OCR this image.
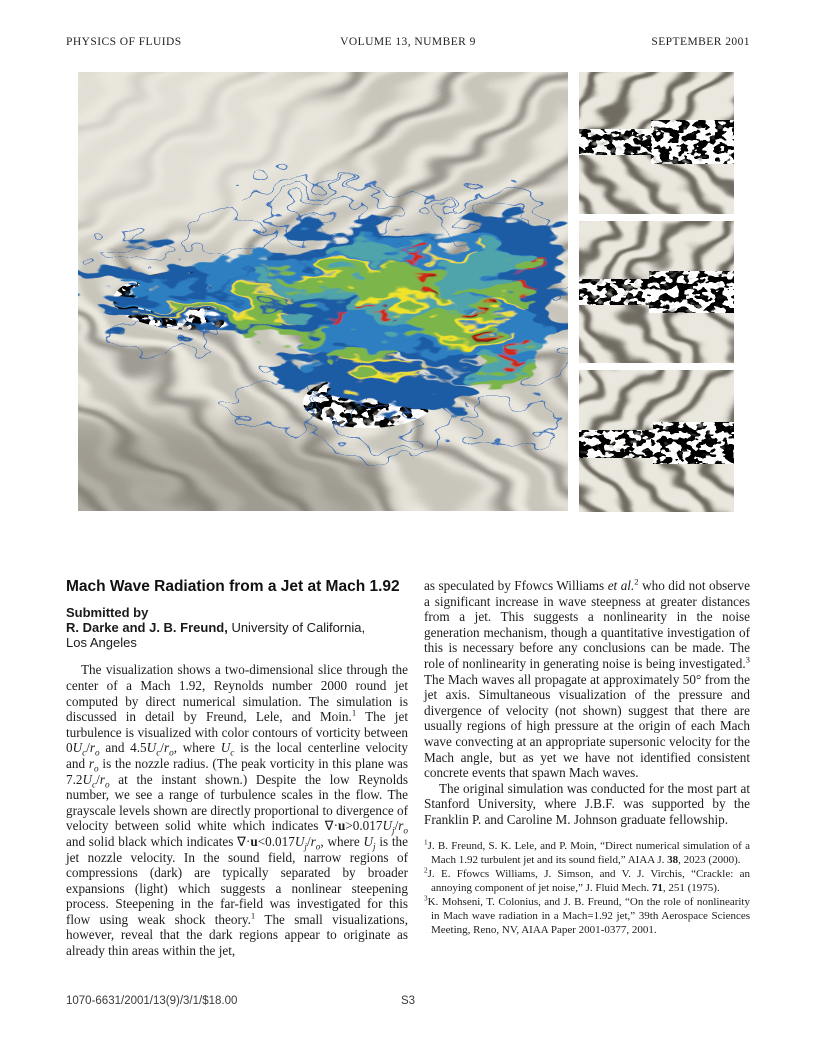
PHYSICS OF FLUIDS	VOLUME 13, NUMBER 9	SEPTEMBER 2001
Mach Wave Radiation from a Jet at Mach 1.92
Submitted by
R. Darke and J. B. Freund, University of California,
Los Angeles

The visualization shows a two-dimensional slice through the center of a Mach 1.92, Reynolds number 2000 round jet computed by direct numerical simulation. The simulation is discussed in detail by Freund, Lele, and Moin.$^1$ The jet turbulence is visualized with color contours of vorticity between $0U_c/r_o$ and $4.5U_c/r_o$, where $U_c$ is the local centerline velocity and $r_o$ is the nozzle radius. (The peak vorticity in this plane was $7.2U_c/r_o$ at the instant shown.) Despite the low Reynolds number, we see a range of turbulence scales in the flow. The grayscale levels shown are directly proportional to divergence of velocity between solid white which indicates $\nabla\cdot u>0.017U_j/r_o$ and solid black which indicates $\nabla\cdot u<0.017U_j/r_o$, where $U_j$ is the jet nozzle velocity. In the sound field, narrow regions of compressions (dark) are typically separated by broader expansions (light) which suggests a nonlinear steepening process. Steepening in the far-field was investigated for this flow using weak shock theory.$^1$ The small visualizations, however, reveal that the dark regions appear to originate as already thin areas within the jet,

as speculated by Ffowcs Williams et al.$^2$ who did not observe a significant increase in wave steepness at greater distances from a jet. This suggests a nonlinearity in the noise generation mechanism, though a quantitative investigation of this is necessary before any conclusions can be made. The role of nonlinearity in generating noise is being investigated.$^3$ The Mach waves all propagate at approximately 50° from the jet axis. Simultaneous visualization of the pressure and divergence of velocity (not shown) suggest that there are usually regions of high pressure at the origin of each Mach wave convecting at an appropriate supersonic velocity for the Mach angle, but as yet we have not identified consistent concrete events that spawn Mach waves.

The original simulation was conducted for the most part at Stanford University, where J.B.F. was supported by the Franklin P. and Caroline M. Johnson graduate fellowship.

$^1$J. B. Freund, S. K. Lele, and P. Moin, “Direct numerical simulation of a Mach 1.92 turbulent jet and its sound field,” AIAA J. 38, 2023 (2000).

$^2$J. E. Ffowcs Williams, J. Simson, and V. J. Virchis, “Crackle: an annoying component of jet noise,” J. Fluid Mech. 71, 251 (1975).

$^3$K. Mohseni, T. Colonius, and J. B. Freund, “On the role of nonlinearity in Mach wave radiation in a Mach=1.92 jet,” 39th Aerospace Sciences Meeting, Reno, NV, AIAA Paper 2001-0377, 2001.

1070-6631/2001/13(9)/3/1/$18.00	S3
